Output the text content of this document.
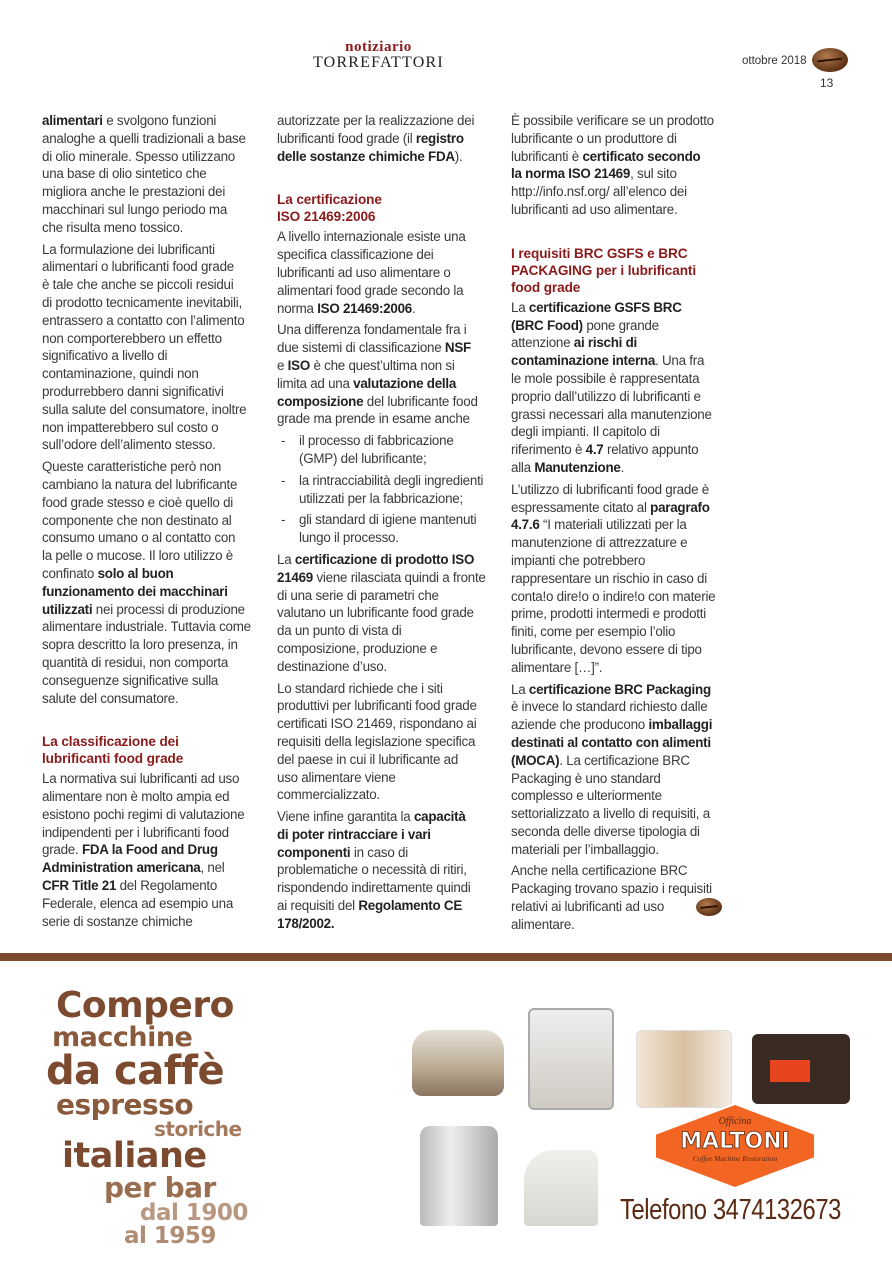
notiziario
TORREFATTORI	ottobre 2018
13
alimentari e svolgono funzioni
analoghe a quelli tradizionali a base
di olio minerale. Spesso utilizzano
una base di olio sintetico che
migliora anche le prestazioni dei
macchinari sul lungo periodo ma
che risulta meno tossico.
La formulazione dei lubrificanti
alimentari o lubrificanti food grade
è tale che anche se piccoli residui
di prodotto tecnicamente inevitabili,
entrassero a contatto con l’alimento
non comporterebbero un effetto
significativo a livello di
contaminazione, quindi non
produrrebbero danni significativi
sulla salute del consumatore, inoltre
non impatterebbero sul costo o
sull’odore dell’alimento stesso.
Queste caratteristiche però non
cambiano la natura del lubrificante
food grade stesso e cioè quello di
componente che non destinato al
consumo umano o al contatto con
la pelle o mucose. Il loro utilizzo è
confinato solo al buon
funzionamento dei macchinari
utilizzati nei processi di produzione
alimentare industriale. Tuttavia come
sopra descritto la loro presenza, in
quantità di residui, non comporta
conseguenze significative sulla
salute del consumatore.
La classificazione dei
lubrificanti food grade
La normativa sui lubrificanti ad uso
alimentare non è molto ampia ed
esistono pochi regimi di valutazione
indipendenti per i lubrificanti food
grade. FDA la Food and Drug
Administration americana, nel
CFR Title 21 del Regolamento
Federale, elenca ad esempio una
serie di sostanze chimiche
autorizzate per la realizzazione dei
lubrificanti food grade (il registro
delle sostanze chimiche FDA).
La certificazione
ISO 21469:2006
A livello internazionale esiste una
specifica classificazione dei
lubrificanti ad uso alimentare o
alimentari food grade secondo la
norma ISO 21469:2006.
Una differenza fondamentale fra i
due sistemi di classificazione NSF
e ISO è che quest’ultima non si
limita ad una valutazione della
composizione del lubrificante food
grade ma prende in esame anche
- il processo di fabbricazione
(GMP) del lubrificante;
- la rintracciabilità degli ingredienti
utilizzati per la fabbricazione;
- gli standard di igiene mantenuti
lungo il processo.
La certificazione di prodotto ISO
21469 viene rilasciata quindi a fronte
di una serie di parametri che
valutano un lubrificante food grade
da un punto di vista di
composizione, produzione e
destinazione d’uso.
Lo standard richiede che i siti
produttivi per lubrificanti food grade
certificati ISO 21469, rispondano ai
requisiti della legislazione specifica
del paese in cui il lubrificante ad
uso alimentare viene
commercializzato.
Viene infine garantita la capacità
di poter rintracciare i vari
componenti in caso di
problematiche o necessità di ritiri,
rispondendo indirettamente quindi
ai requisiti del Regolamento CE
178/2002.
È possibile verificare se un prodotto
lubrificante o un produttore di
lubrificanti è certificato secondo
la norma ISO 21469, sul sito
http://info.nsf.org/ all’elenco dei
lubrificanti ad uso alimentare.
I requisiti BRC GSFS e BRC
PACKAGING per i lubrificanti
food grade
La certificazione GSFS BRC
(BRC Food) pone grande
attenzione ai rischi di
contaminazione interna. Una fra
le mole possibile è rappresentata
proprio dall’utilizzo di lubrificanti e
grassi necessari alla manutenzione
degli impianti. Il capitolo di
riferimento è 4.7 relativo appunto
alla Manutenzione.
L’utilizzo di lubrificanti food grade è
espressamente citato al paragrafo
4.7.6 “I materiali utilizzati per la
manutenzione di attrezzature e
impianti che potrebbero
rappresentare un rischio in caso di
conta!o dire!o o indire!o con materie
prime, prodotti intermedi e prodotti
finiti, come per esempio l’olio
lubrificante, devono essere di tipo
alimentare […]”.
La certificazione BRC Packaging
è invece lo standard richiesto dalle
aziende che producono imballaggi
destinati al contatto con alimenti
(MOCA). La certificazione BRC
Packaging è uno standard
complesso e ulteriormente
settorializzato a livello di requisiti, a
seconda delle diverse tipologia di
materiali per l’imballaggio.
Anche nella certificazione BRC
Packaging trovano spazio i requisiti
relativi ai lubrificanti ad uso
alimentare.
Compero
macchine
da caffè
espresso
storiche
italiane
per bar
dal 1900
al 1959
Officina
MALTONI
Coffee Machine Restoration
Telefono 3474132673
